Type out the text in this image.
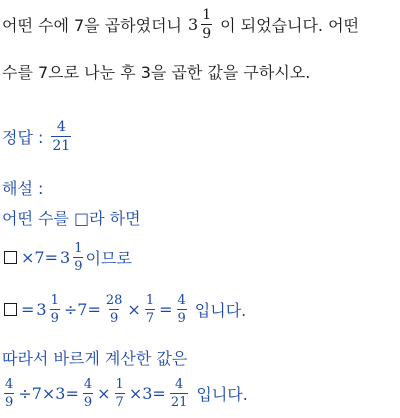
어떤 수에 7을 곱하였더니 $3 \frac{1}{9}$ 이 되었습니다. 어떤
수를 7으로 나눈 후 3을 곱한 값을 구하시오.
정답 : $\frac{4}{21}$
해설 :
어떤 수를 □라 하면
$\times 7= 3 \frac{1}{9}$ 이므로
= $3 \frac{1}{9} \div 7= \frac{28}{9} \times \frac{1}{7} = \frac{4}{9}$ 입니다.
따라서 바르게 계산한 값은
$\frac{4}{9} \div 7\times 3= \frac{4}{9} \times \frac{1}{7} \times 3= \frac{4}{21}$ 입니다.
